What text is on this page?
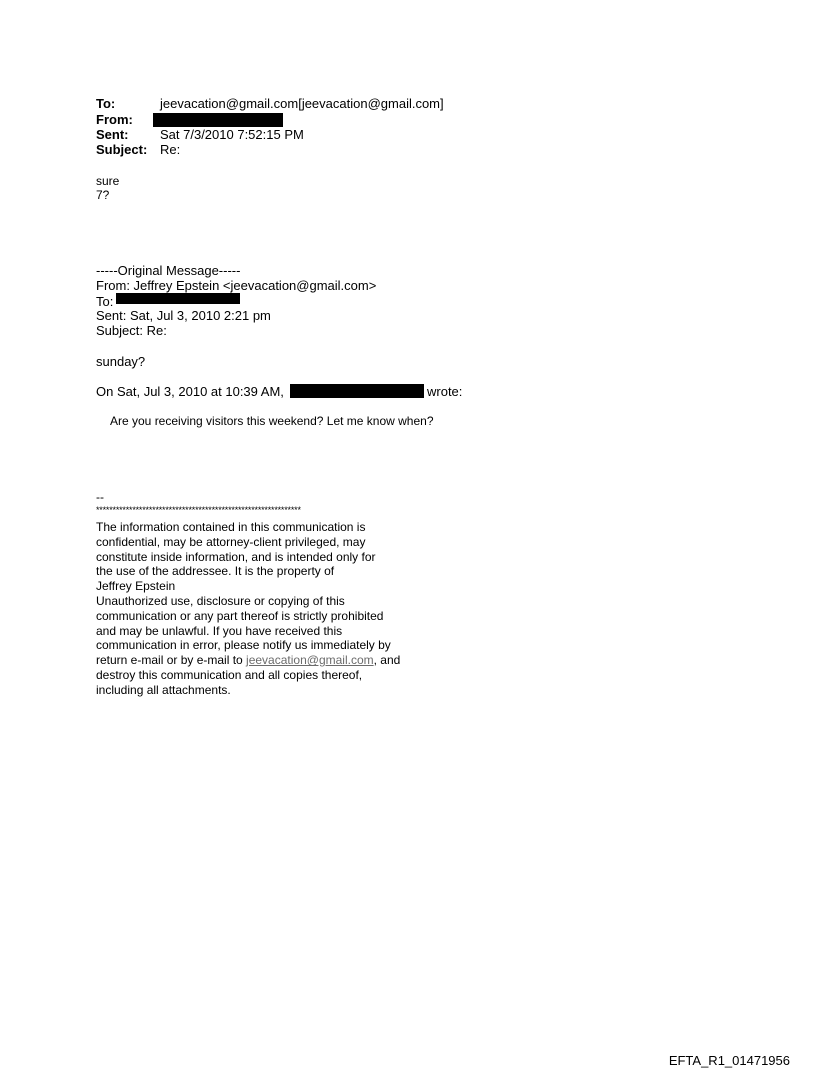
To:	jeevacation@gmail.com[jeevacation@gmail.com]
From:
Sent: Sat 7/3/2010 7:52:15 PM
Subject: Re:
sure
7?
-----Original Message-----
From: Jeffrey Epstein <jeevacation@gmail.com>
To:
Sent: Sat, Jul 3, 2010 2:21 pm
Subject: Re:
sunday?
On Sat, Jul 3, 2010 at 10:39 AM,	wrote:
Are you receiving visitors this weekend? Let me know when?
--
**************************************************************
The information contained in this communication is
confidential, may be attorney-client privileged, may
constitute inside information, and is intended only for
the use of the addressee. It is the property of
Jeffrey Epstein
Unauthorized use, disclosure or copying of this
communication or any part thereof is strictly prohibited
and may be unlawful. If you have received this
communication in error, please notify us immediately by
return e-mail or by e-mail to jeevacation@gmail.com, and
destroy this communication and all copies thereof,
including all attachments.
EFTA_R1_01471956
